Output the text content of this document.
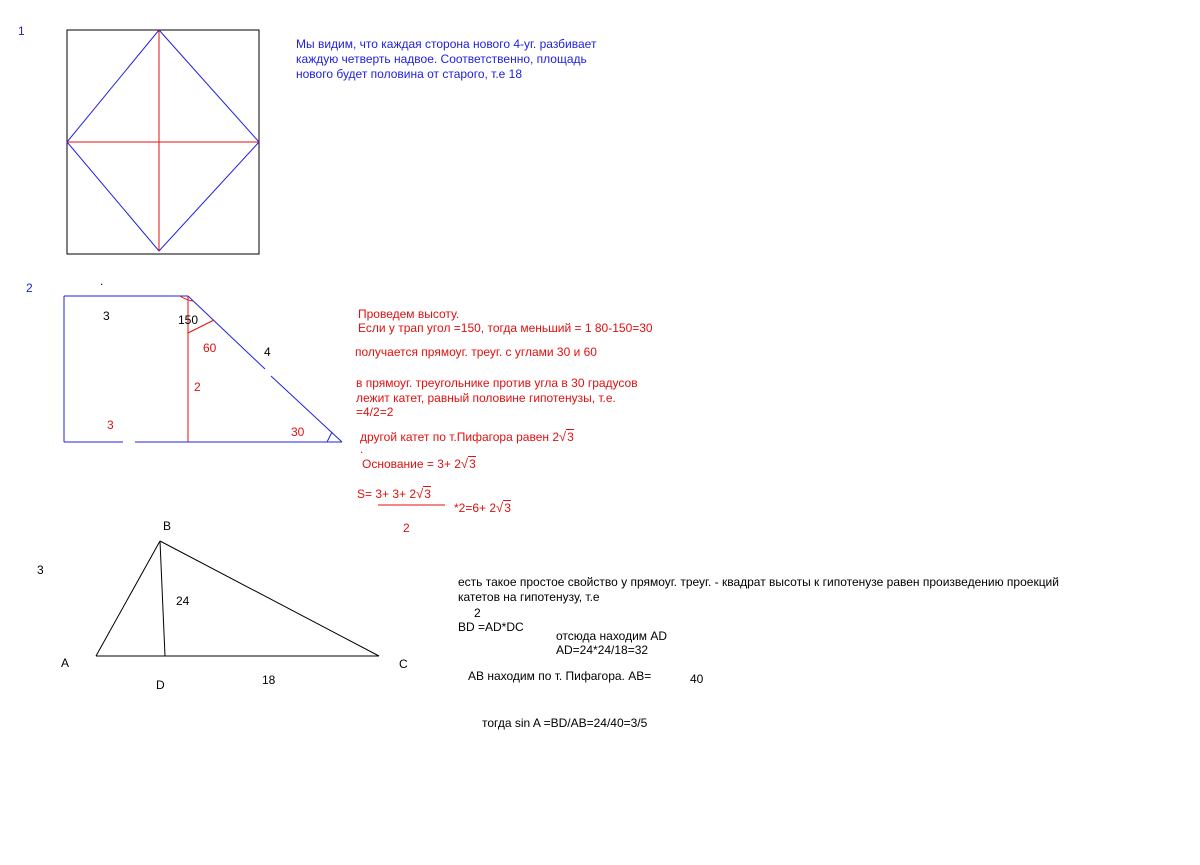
1
Мы видим, что каждая сторона нового 4-уг. разбивает
каждую четверть надвое. Соответственно, площадь
нового будет половина от старого, т.е 18
2	.
3	150
60	4
2
3	30
Проведем высоту.
Если у трап угол =150, тогда меньший = 1 80-150=30
получается прямоуг. треуг. с углами 30 и 60
в прямоуг. треугольнике против угла в 30 градусов
лежит катет, равный половине гипотенузы, т.е.
=4/2=2
другой катет по т.Пифагора равен 2√3
.
Основание = 3+ 2√3
S= 3+ 3+ 2√3
*2=6+ 2√3
2
3
B
24
A	C
D	18
есть такое простое свойство у прямоуг. треуг. - квадрат высоты к гипотенузе равен произведению проекций
катетов на гипотенузу, т.е
2
BD =AD*DC
отсюда находим AD
AD=24*24/18=32
AB находим по т. Пифагора. AB=	40
тогда sin A =BD/AB=24/40=3/5
